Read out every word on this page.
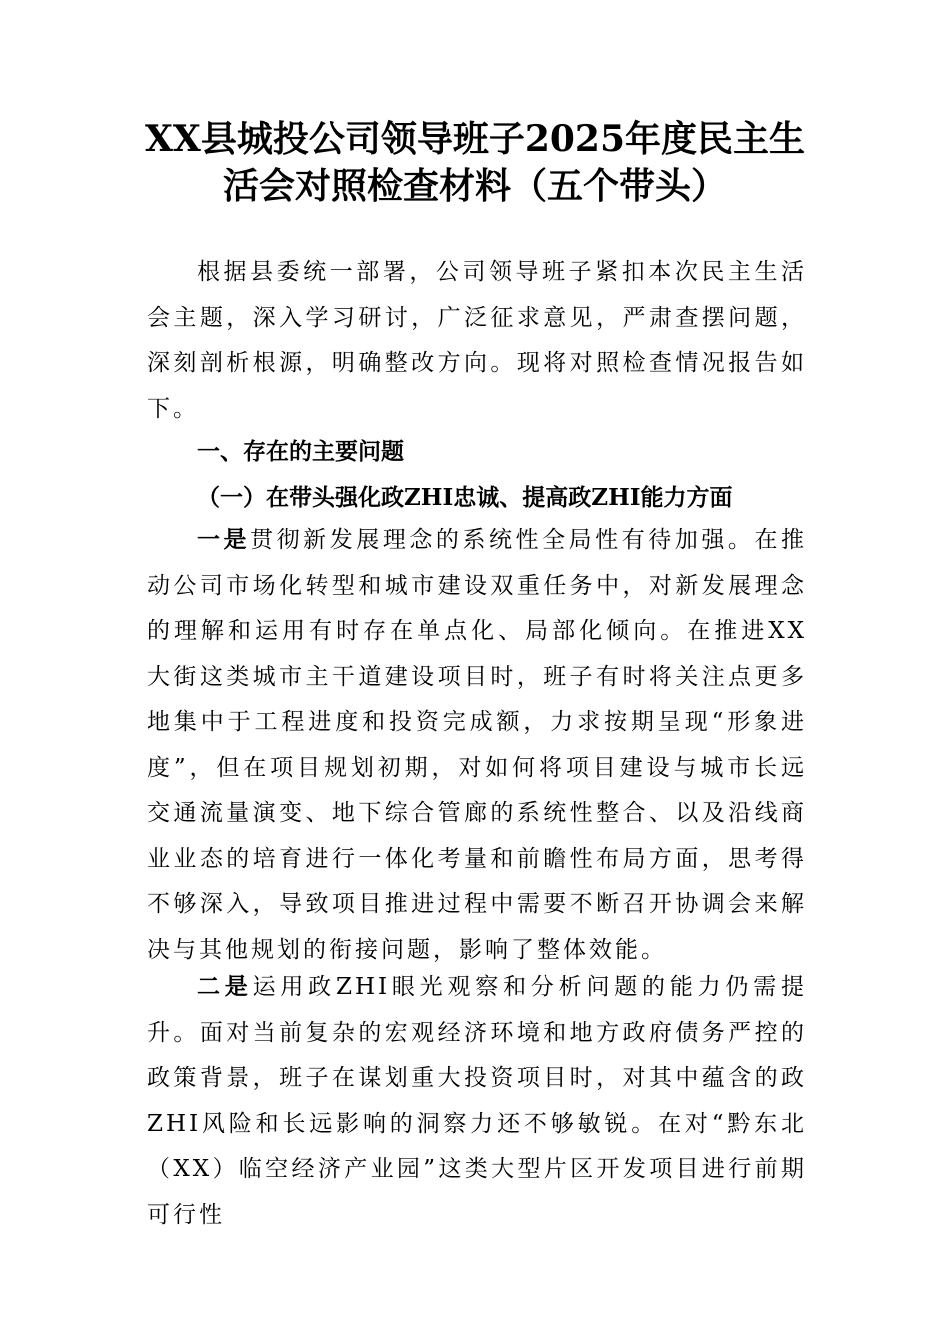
XX县城投公司领导班子2025年度民主生
活会对照检查材料（五个带头）

根据县委统一部署，公司领导班子紧扣本次民主生活会主题，深入学习研讨，广泛征求意见，严肃查摆问题，深刻剖析根源，明确整改方向。现将对照检查情况报告如下。

一、存在的主要问题

（一）在带头强化政ZHI忠诚、提高政ZHI能力方面

一是贯彻新发展理念的系统性全局性有待加强。在推动公司市场化转型和城市建设双重任务中，对新发展理念的理解和运用有时存在单点化、局部化倾向。在推进XX大街这类城市主干道建设项目时，班子有时将关注点更多地集中于工程进度和投资完成额，力求按期呈现“形象进度”，但在项目规划初期，对如何将项目建设与城市长远交通流量演变、地下综合管廊的系统性整合、以及沿线商业业态的培育进行一体化考量和前瞻性布局方面，思考得不够深入，导致项目推进过程中需要不断召开协调会来解决与其他规划的衔接问题，影响了整体效能。

二是运用政ZHI眼光观察和分析问题的能力仍需提升。面对当前复杂的宏观经济环境和地方政府债务严控的政策背景，班子在谋划重大投资项目时，对其中蕴含的政ZHI风险和长远影响的洞察力还不够敏锐。在对“黔东北（XX）临空经济产业园”这类大型片区开发项目进行前期可行性
